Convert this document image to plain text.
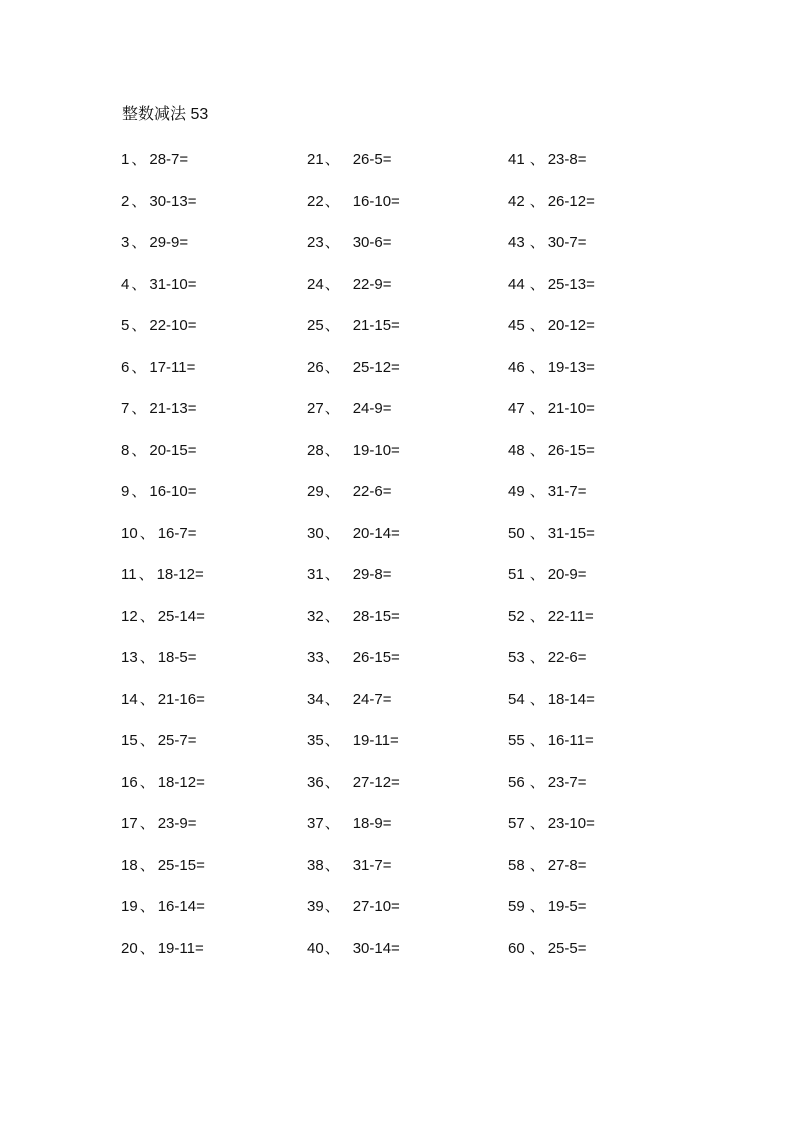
整数减法 53
1 、 28-7=
2 、 30-13=
3 、 29-9=
4 、 31-10=
5 、 22-10=
6 、 17-11=
7 、 21-13=
8 、 20-15=
9 、 16-10=
10 、 16-7=
11 、 18-12=
12 、 25-14=
13 、 18-5=
14 、 21-16=
15 、 25-7=
16 、 18-12=
17 、 23-9=
18 、 25-15=
19 、 16-14=
20 、 19-11=
21 、 26-5=
22 、 16-10=
23 、 30-6=
24 、 22-9=
25 、 21-15=
26 、 25-12=
27 、 24-9=
28 、 19-10=
29 、 22-6=
30 、 20-14=
31 、 29-8=
32 、 28-15=
33 、 26-15=
34 、 24-7=
35 、 19-11=
36 、 27-12=
37 、 18-9=
38 、 31-7=
39 、 27-10=
40 、 30-14=
41 、 23-8=
42 、 26-12=
43 、 30-7=
44 、 25-13=
45 、 20-12=
46 、 19-13=
47 、 21-10=
48 、 26-15=
49 、 31-7=
50 、 31-15=
51 、 20-9=
52 、 22-11=
53 、 22-6=
54 、 18-14=
55 、 16-11=
56 、 23-7=
57 、 23-10=
58 、 27-8=
59 、 19-5=
60 、 25-5=
